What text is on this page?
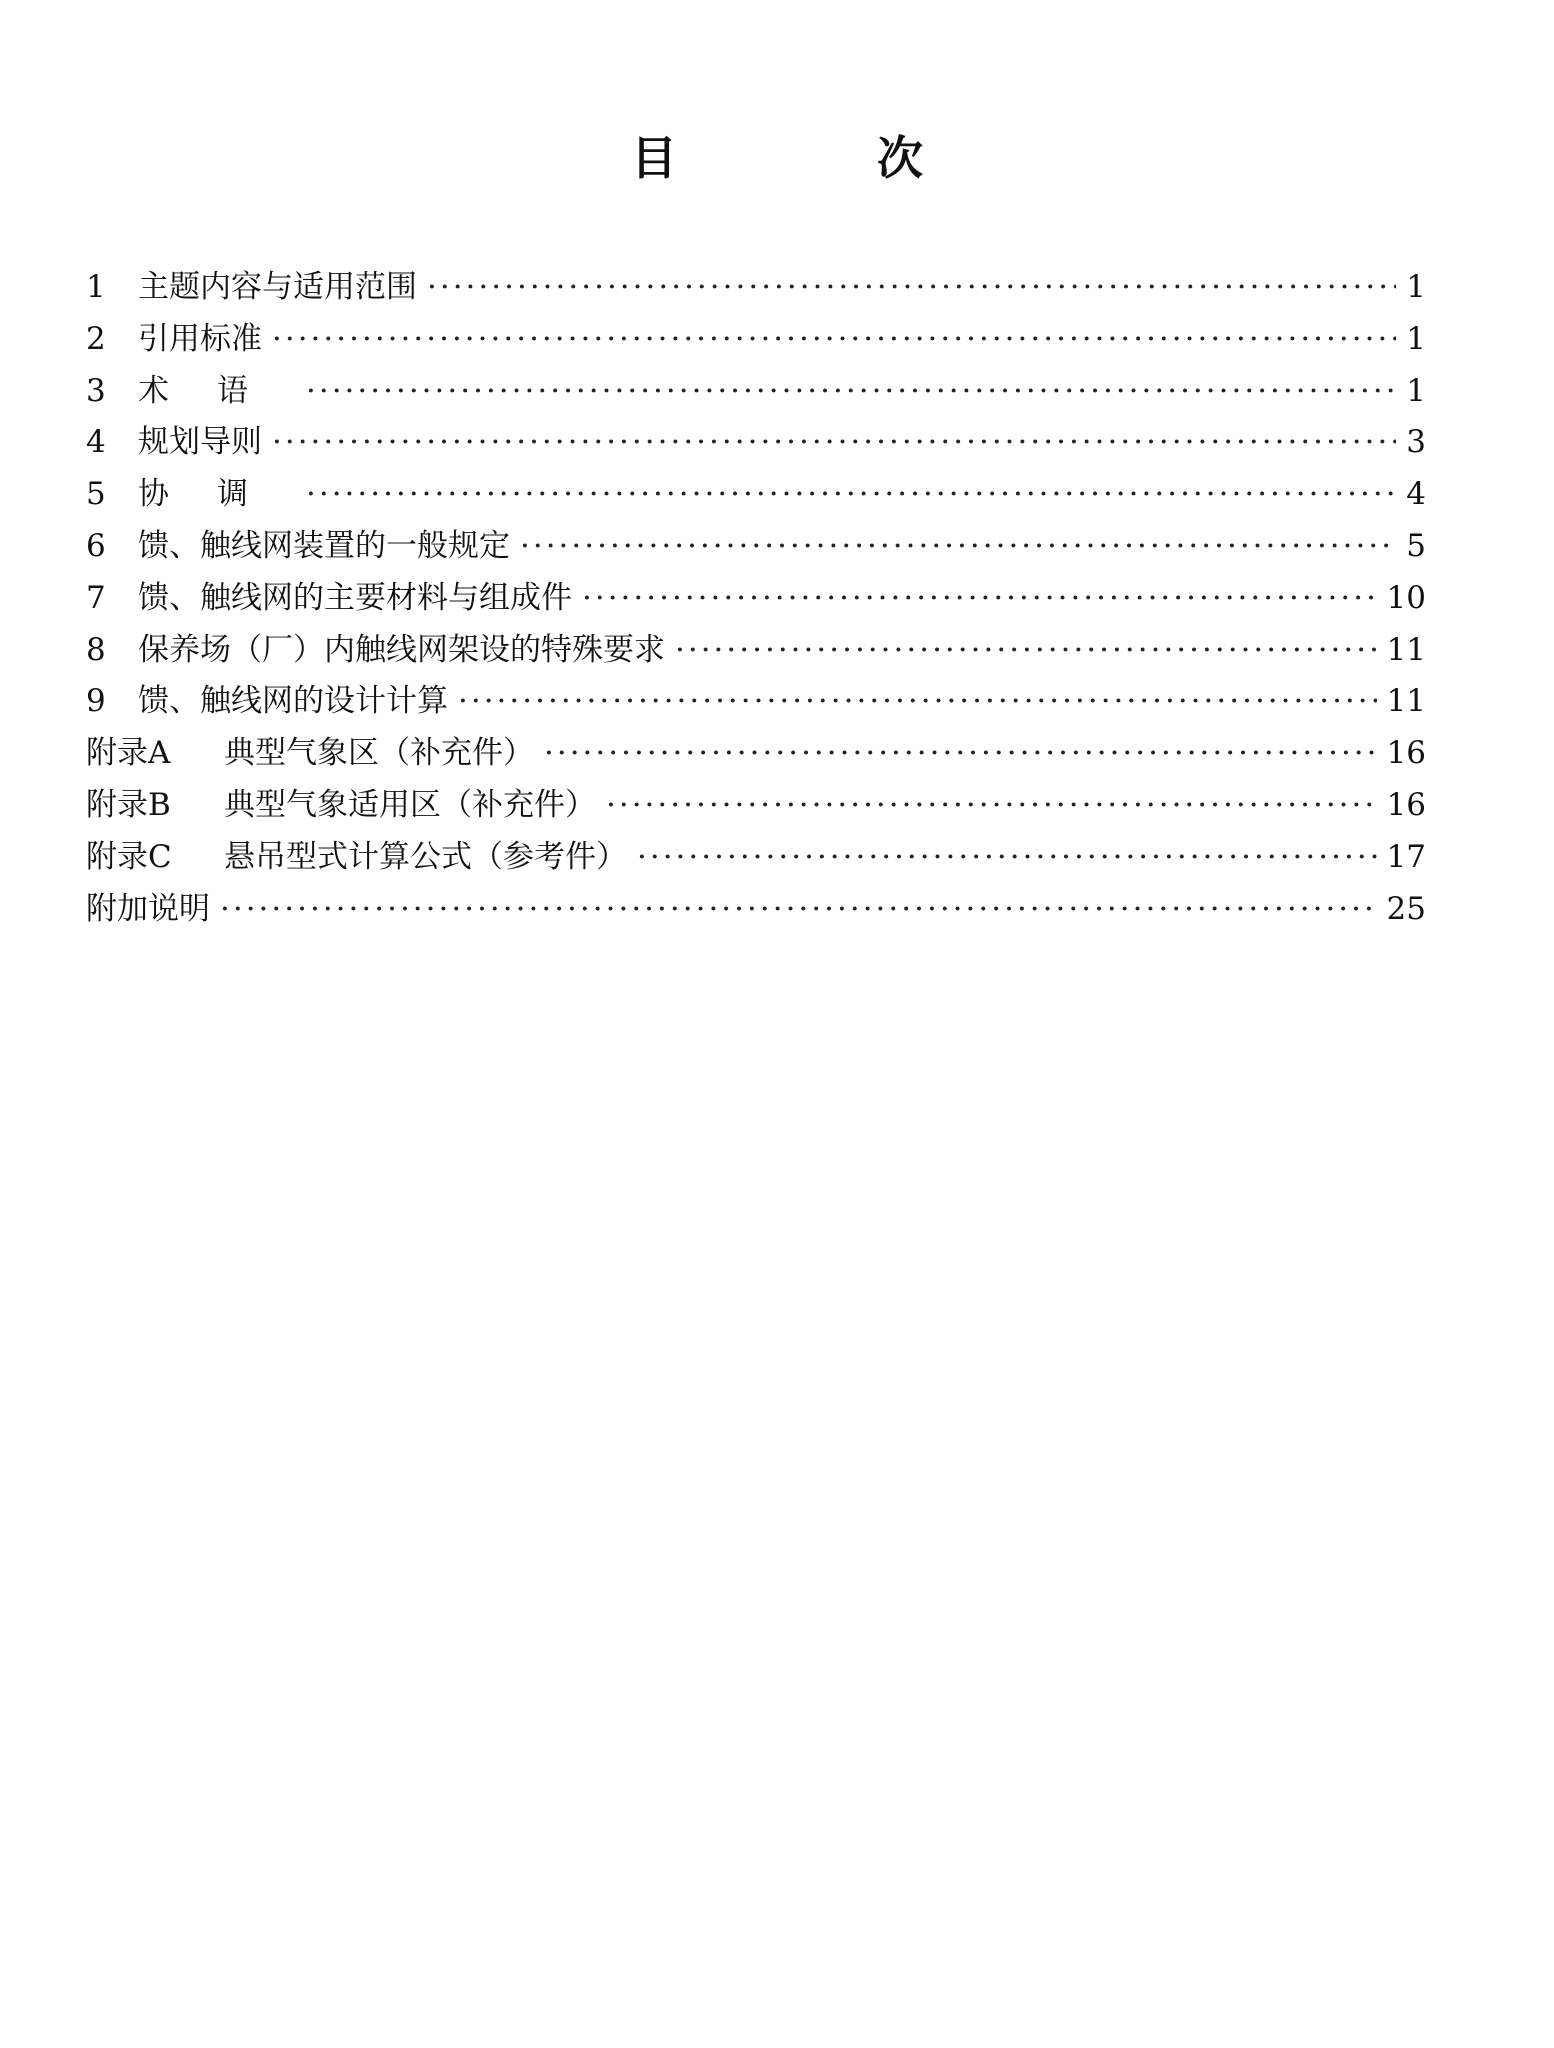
目 次
1	主题内容与适用范围 ·····	1
2	引用标准 ·····	1
3	术语 ·····	1
4	规划导则 ·····	3
5	协调 ·····	4
6	馈、触线网装置的一般规定 ·····	5
7	馈、触线网的主要材料与组成件 ·····	10
8	保养场（厂）内触线网架设的特殊要求 ·····	11
9	馈、触线网的设计计算 ·····	11
附录A	典型气象区（补充件） ·····	16
附录B	典型气象适用区（补充件） ·····	16
附录C	悬吊型式计算公式（参考件） ·····	17
附加说明 ·····	25
